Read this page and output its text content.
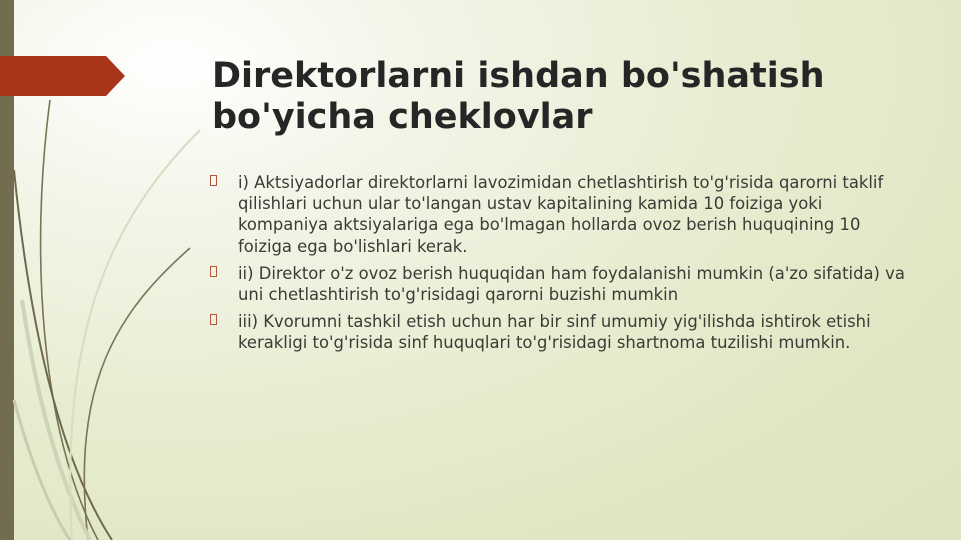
Direktorlarni ishdan bo'shatish bo'yicha cheklovlar
i) Aktsiyadorlar direktorlarni lavozimidan chetlashtirish to'g'risida qarorni taklif qilishlari uchun ular to'langan ustav kapitalining kamida 10 foiziga yoki kompaniya aktsiyalariga ega bo'lmagan hollarda ovoz berish huquqining 10 foiziga ega bo'lishlari kerak.
ii) Direktor o'z ovoz berish huquqidan ham foydalanishi mumkin (a'zo sifatida) va uni chetlashtirish to'g'risidagi qarorni buzishi mumkin
iii) Kvorumni tashkil etish uchun har bir sinf umumiy yig'ilishda ishtirok etishi kerakligi to'g'risida sinf huquqlari to'g'risidagi shartnoma tuzilishi mumkin.
